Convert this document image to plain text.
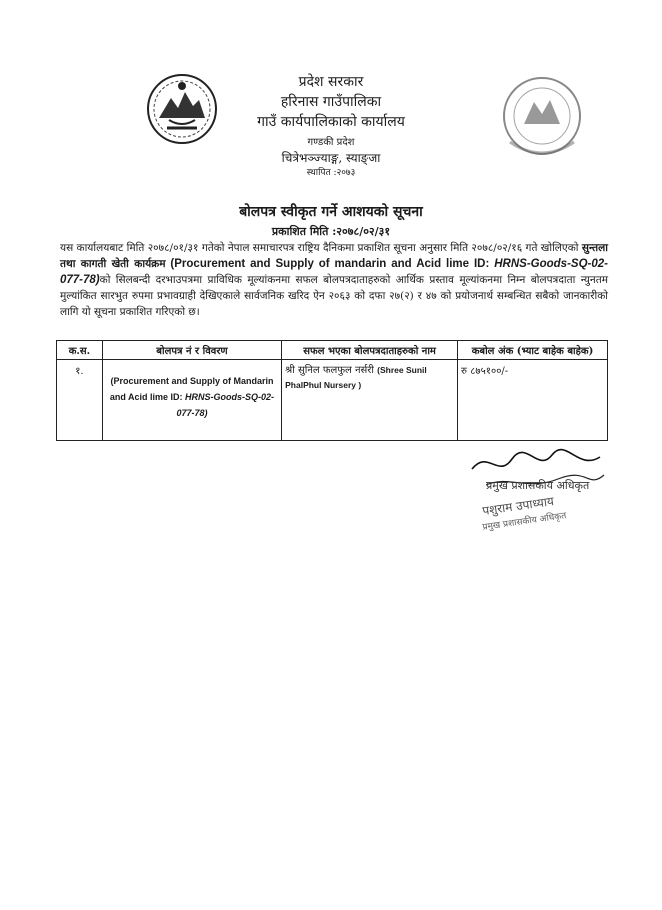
प्रदेश सरकार
हरिनास गाउँपालिका
गाउँ कार्यपालिकाको कार्यालय
गण्डकी प्रदेश
चित्रेभञ्ज्याङ्ग, स्याङ्जा
स्थापित :२०७३
बोलपत्र स्वीकृत गर्ने आशयको सूचना
प्रकाशित मिति :२०७८/०२/३१
यस कार्यालयबाट मिति २०७८/०१/३१ गतेको नेपाल समाचारपत्र राष्ट्रिय दैनिकमा प्रकाशित सूचना अनुसार मिति २०७८/०२/१६ गते खोलिएको सुन्तला तथा कागती खेती कार्यक्रम (Procurement and Supply of mandarin and Acid lime ID: HRNS-Goods-SQ-02-077-78)को सिलबन्दी दरभाउपत्रमा प्राविधिक मूल्यांकनमा सफल बोलपत्रदाताहरुको आर्थिक प्रस्ताव मूल्यांकनमा निम्न बोलपत्रदाता न्युनतम मुल्यांकित सारभुत रुपमा प्रभावग्राही देखिएकाले सार्वजनिक खरिद ऐन २०६३ को दफा २७(२) र ४७ को प्रयोजनार्थ सम्बन्धित सबैको जानकारीको लागि यो सूचना प्रकाशित गरिएको छ।
क.स.	बोलपत्र नं र विवरण	सफल भएका बोलपत्रदाताहरुको नाम	कबोल अंक (भ्याट बाहेक बाहेक)
१.	(Procurement and Supply of Mandarin and Acid lime ID: HRNS-Goods-SQ-02-077-78)	श्री सुनिल फलफुल नर्सरी (Shree Sunil PhalPhul Nursery )	रु ८७५१००/-
प्रमुख प्रशासकीय अधिकृत
पशुराम उपाध्याय
प्रमुख प्रशासकीय अधिकृत
